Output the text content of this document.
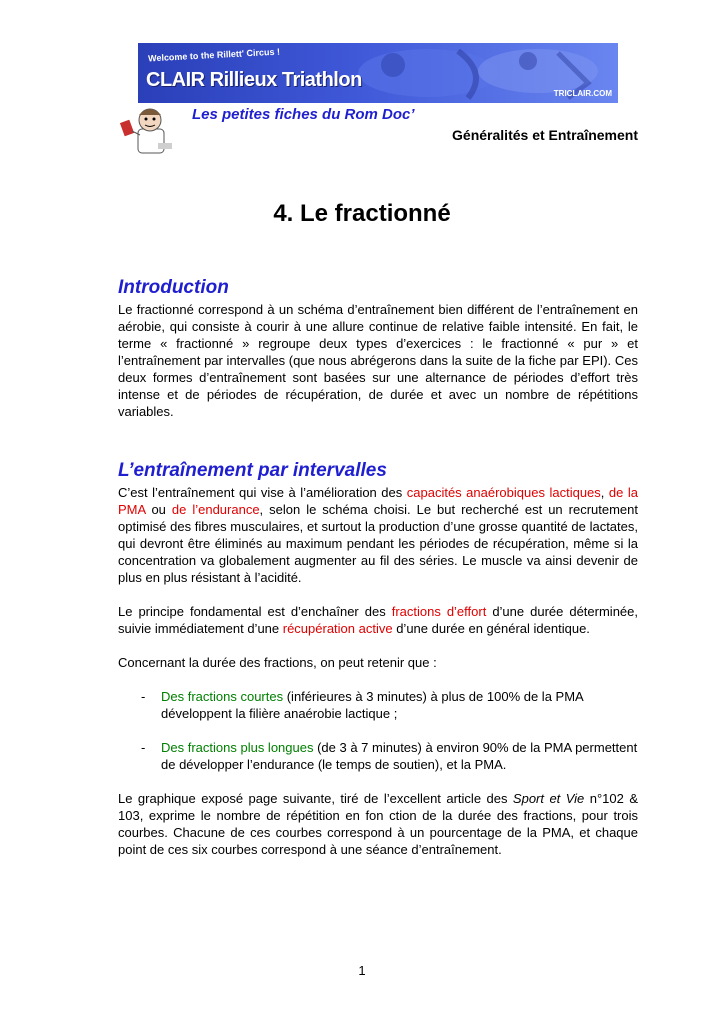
Welcome to the Rillett' Circus !
CLAIR Rillieux Triathlon
TRICLAIR.COM
Les petites fiches du Rom Doc’
Généralités et Entraînement
4. Le fractionné
Introduction

Le fractionné correspond à un schéma d’entraînement bien différent de l’entraînement en aérobie, qui consiste à courir à une allure continue de relative faible intensité. En fait, le terme « fractionné » regroupe deux types d’exercices : le fractionné « pur » et l’entraînement par intervalles (que nous abrégerons dans la suite de la fiche par EPI). Ces deux formes d’entraînement sont basées sur une alternance de périodes d’effort très intense et de périodes de récupération, de durée et avec un nombre de répétitions variables.

L’entraînement par intervalles

C’est l’entraînement qui vise à l’amélioration des capacités anaérobiques lactiques, de la PMA ou de l’endurance, selon le schéma choisi. Le but recherché est un recrutement optimisé des fibres musculaires, et surtout la production d’une grosse quantité de lactates, qui devront être éliminés au maximum pendant les périodes de récupération, même si la concentration va globalement augmenter au fil des séries. Le muscle va ainsi devenir de plus en plus résistant à l’acidité.

Le principe fondamental est d’enchaîner des fractions d’effort d’une durée déterminée, suivie immédiatement d’une récupération active d’une durée en général identique.

Concernant la durée des fractions, on peut retenir que :

- Des fractions courtes (inférieures à 3 minutes) à plus de 100% de la PMA développent la filière anaérobie lactique ;
- Des fractions plus longues (de 3 à 7 minutes) à environ 90% de la PMA permettent de développer l’endurance (le temps de soutien), et la PMA.

Le graphique exposé page suivante, tiré de l’excellent article des Sport et Vie n°102 & 103, exprime le nombre de répétition en fon ction de la durée des fractions, pour trois courbes. Chacune de ces courbes correspond à un pourcentage de la PMA, et chaque point de ces six courbes correspond à une séance d’entraînement.

1
